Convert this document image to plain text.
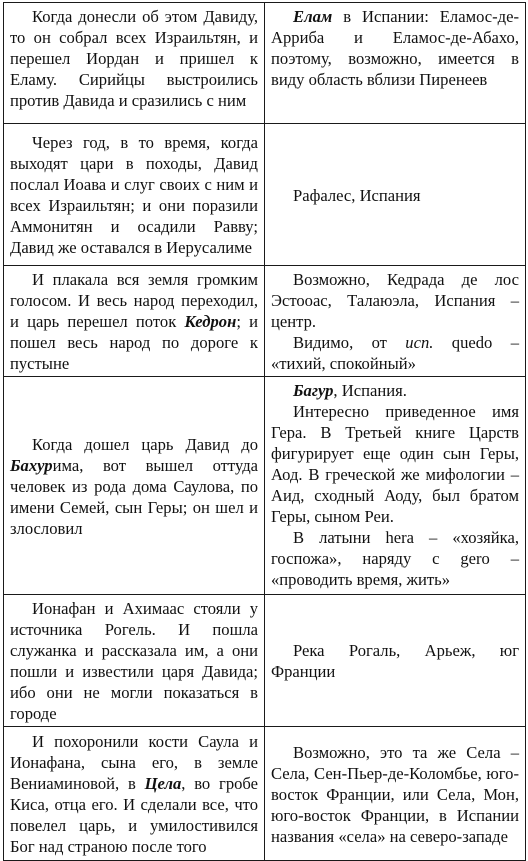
Когда донесли об этом Давиду, то он собрал всех Израильтян, и перешел Иордан и пришел к Еламу. Сирийцы выстроились против Давида и сразились с ним	Елам в Испании: Еламос-де-Арриба и Еламос-де-Абахо, поэтому, возможно, имеется в виду область вблизи Пиренеев

Через год, в то время, когда выходят цари в походы, Давид послал Иоава и слуг своих с ним и всех Израильтян; и они поразили Аммонитян и осадили Равву; Давид же оставался в Иерусалиме	Рафалес, Испания

И плакала вся земля громким голосом. И весь народ переходил, и царь перешел поток Кедрон; и пошел весь народ по дороге к пустыне	Возможно, Кедрада де лос Эстооас, Талаюэла, Испания – центр.
Видимо, от исп. quedo – «тихий, спокойный»

Когда дошел царь Давид до Бахурима, вот вышел оттуда человек из рода дома Саулова, по имени Семей, сын Геры; он шел и злословил	Багур, Испания.
Интересно приведенное имя Гера. В Третьей книге Царств фигурирует еще один сын Геры, Аод. В греческой же мифологии – Аид, сходный Аоду, был братом Геры, сыном Реи.
В латыни hera – «хозяйка, госпожа», наряду с gero – «проводить время, жить»

Ионафан и Ахимаас стояли у источника Рогель. И пошла служанка и рассказала им, а они пошли и известили царя Давида; ибо они не могли показаться в городе	Река Рогаль, Арьеж, юг Франции

И похоронили кости Саула и Ионафана, сына его, в земле Вениаминовой, в Цела, во гробе Киса, отца его. И сделали все, что повелел царь, и умилостивился Бог над страною после того	Возможно, это та же Села – Села, Сен-Пьер-де-Коломбье, юго-восток Франции, или Села, Мон, юго-восток Франции, в Испании названия «села» на северо-западе
